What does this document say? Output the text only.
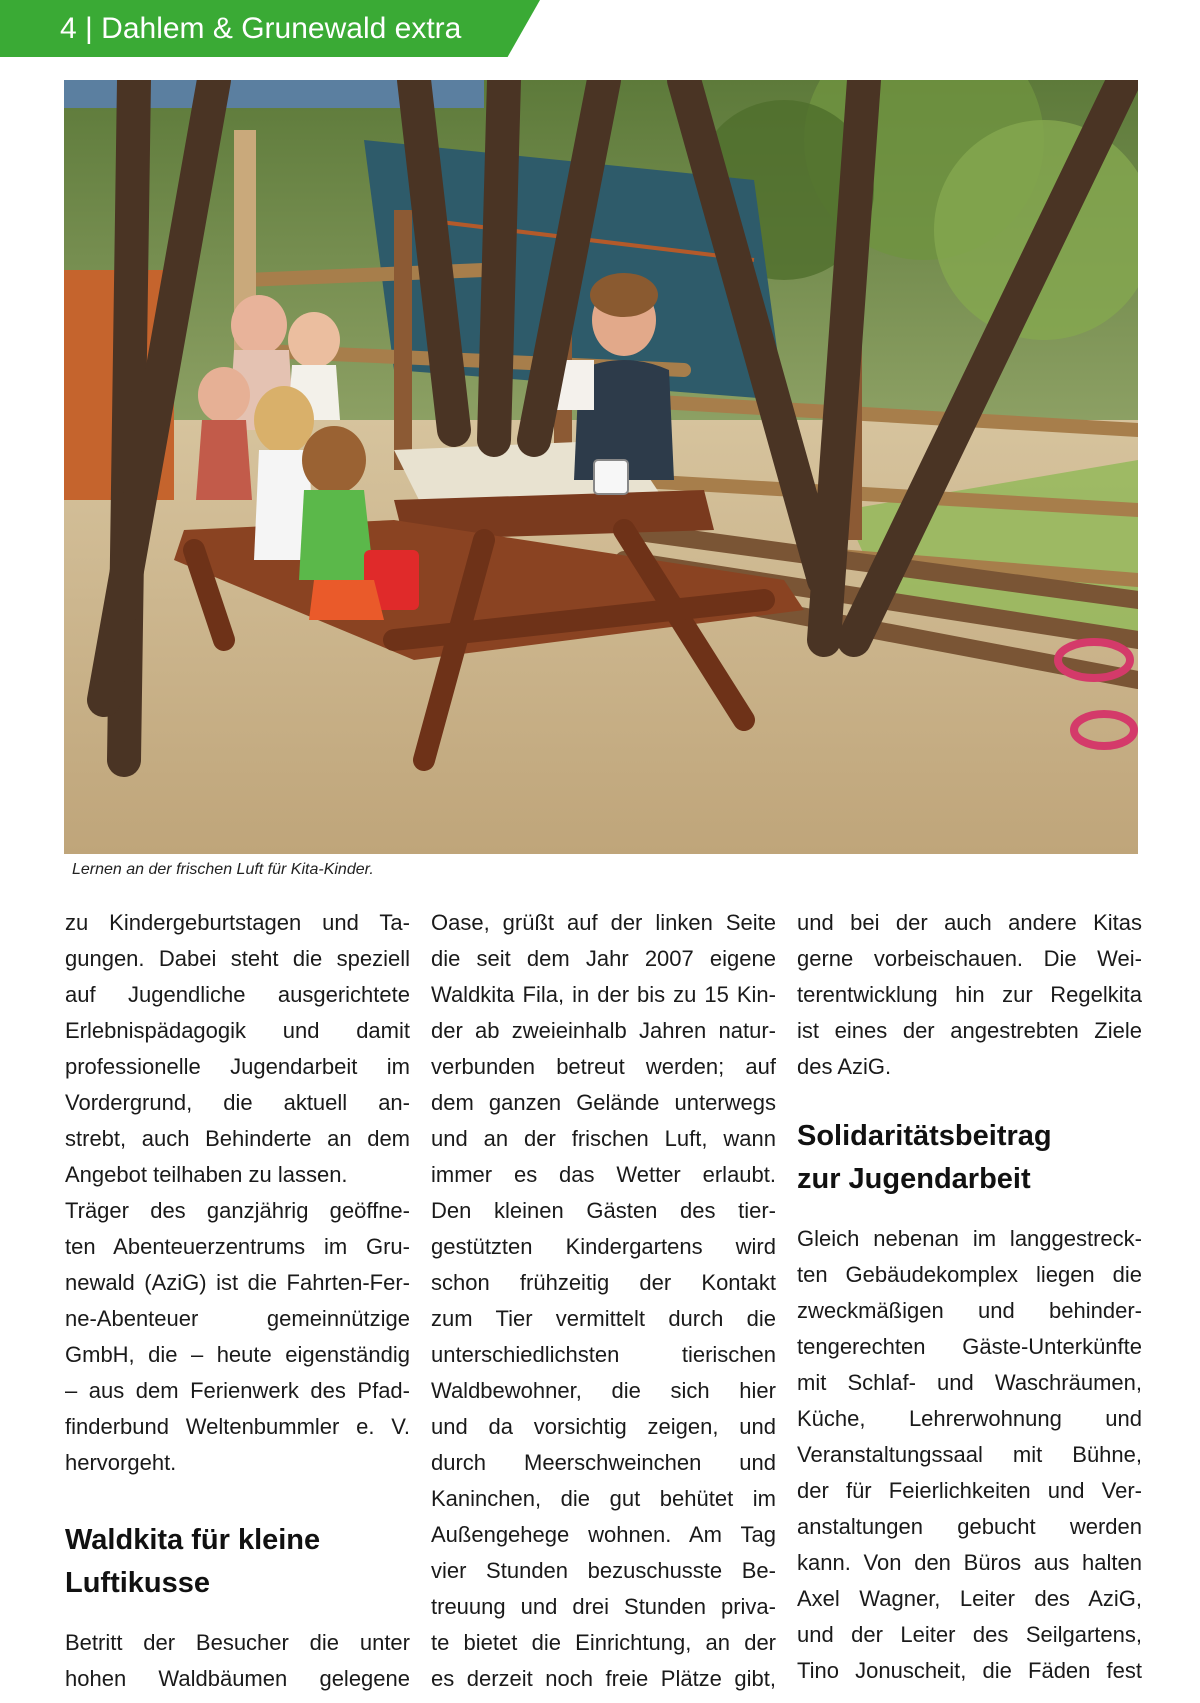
4 | Dahlem & Grunewald extra
Lernen an der frischen Luft für Kita-Kinder.
zu Kindergeburtstagen und Ta-
gungen. Dabei steht die speziell
auf Jugendliche ausgerichtete
Erlebnispädagogik und damit
professionelle Jugendarbeit im
Vordergrund, die aktuell an-
strebt, auch Behinderte an dem
Angebot teilhaben zu lassen.
Träger des ganzjährig geöffne-
ten Abenteuerzentrums im Gru-
newald (AziG) ist die Fahrten-Fer-
ne-Abenteuer gemeinnützige
GmbH, die – heute eigenständig
– aus dem Ferienwerk des Pfad-
finderbund Weltenbummler e. V.
hervorgeht.
Waldkita für kleine
Luftikusse
Betritt der Besucher die unter
hohen Waldbäumen gelegene
Oase, grüßt auf der linken Seite
die seit dem Jahr 2007 eigene
Waldkita Fila, in der bis zu 15 Kin-
der ab zweieinhalb Jahren natur-
verbunden betreut werden; auf
dem ganzen Gelände unterwegs
und an der frischen Luft, wann
immer es das Wetter erlaubt.
Den kleinen Gästen des tier-
gestützten Kindergartens wird
schon frühzeitig der Kontakt
zum Tier vermittelt durch die
unterschiedlichsten tierischen
Waldbewohner, die sich hier
und da vorsichtig zeigen, und
durch Meerschweinchen und
Kaninchen, die gut behütet im
Außengehege wohnen. Am Tag
vier Stunden bezuschusste Be-
treuung und drei Stunden priva-
te bietet die Einrichtung, an der
es derzeit noch freie Plätze gibt,
und bei der auch andere Kitas
gerne vorbeischauen. Die Wei-
terentwicklung hin zur Regelkita
ist eines der angestrebten Ziele
des AziG.
Solidaritätsbeitrag
zur Jugendarbeit
Gleich nebenan im langgestreck-
ten Gebäudekomplex liegen die
zweckmäßigen und behinder-
tengerechten Gäste-Unterkünfte
mit Schlaf- und Waschräumen,
Küche, Lehrerwohnung und
Veranstaltungssaal mit Bühne,
der für Feierlichkeiten und Ver-
anstaltungen gebucht werden
kann. Von den Büros aus halten
Axel Wagner, Leiter des AziG,
und der Leiter des Seilgartens,
Tino Jonuscheit, die Fäden fest
